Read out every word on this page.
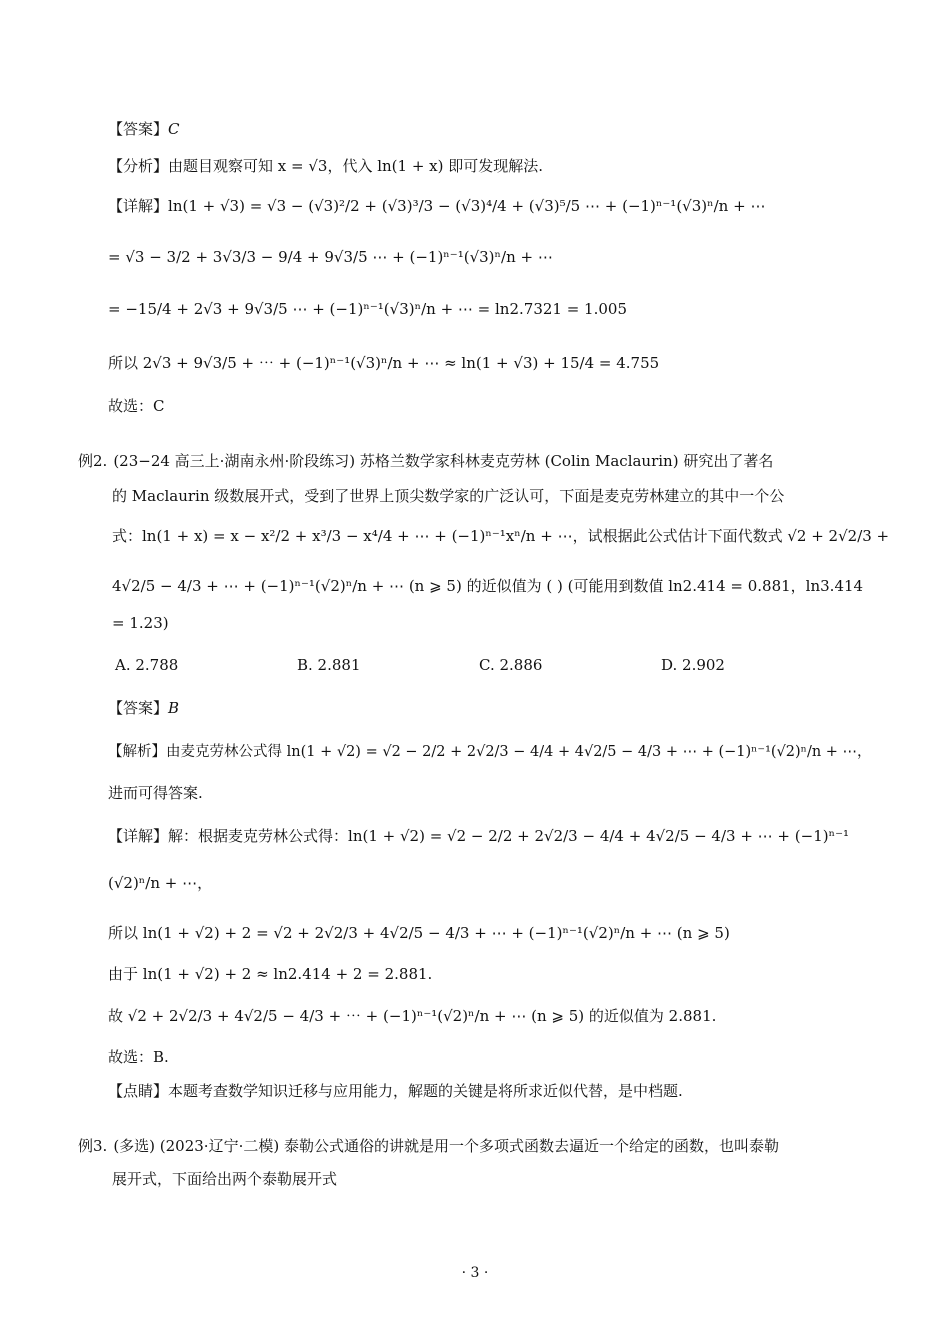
【答案】 C
【分析】 由题目观察可知 x = √3，代入 ln(1 + x) 即可发现解法.
【详解】 ln(1 + √3) = √3 − (√3)²/2 + (√3)³/3 − (√3)⁴/4 + (√3)⁵/5 ⋯ + (−1)ⁿ⁻¹(√3)ⁿ/n + ⋯
= √3 − 3/2 + 3√3/3 − 9/4 + 9√3/5 ⋯ + (−1)ⁿ⁻¹(√3)ⁿ/n + ⋯
= −15/4 + 2√3 + 9√3/5 ⋯ + (−1)ⁿ⁻¹(√3)ⁿ/n + ⋯ = ln2.7321 = 1.005
所以 2√3 + 9√3/5 + ⋯ + (−1)ⁿ⁻¹(√3)ⁿ/n + ⋯ ≈ ln(1 + √3) + 15/4 = 4.755
故选：C
例2. (23−24 高三上·湖南永州·阶段练习) 苏格兰数学家科林麦克劳林 (Colin Maclaurin) 研究出了著名
的 Maclaurin 级数展开式，受到了世界上顶尖数学家的广泛认可，下面是麦克劳林建立的其中一个公
式：ln(1 + x) = x − x²/2 + x³/3 − x⁴/4 + ⋯ + (−1)ⁿ⁻¹xⁿ/n + ⋯，试根据此公式估计下面代数式 √2 + 2√2/3 +
4√2/5 − 4/3 + ⋯ + (−1)ⁿ⁻¹(√2)ⁿ/n + ⋯ (n ⩾ 5) 的近似值为 ( ) (可能用到数值 ln2.414 = 0.881，ln3.414
= 1.23)
A. 2.788	B. 2.881	C. 2.886	D. 2.902
【答案】 B
【解析】 由麦克劳林公式得 ln(1 + √2) = √2 − 2/2 + 2√2/3 − 4/4 + 4√2/5 − 4/3 + ⋯ + (−1)ⁿ⁻¹(√2)ⁿ/n + ⋯，
进而可得答案.
【详解】 解：根据麦克劳林公式得：ln(1 + √2) = √2 − 2/2 + 2√2/3 − 4/4 + 4√2/5 − 4/3 + ⋯ + (−1)ⁿ⁻¹
(√2)ⁿ/n + ⋯，
所以 ln(1 + √2) + 2 = √2 + 2√2/3 + 4√2/5 − 4/3 + ⋯ + (−1)ⁿ⁻¹(√2)ⁿ/n + ⋯ (n ⩾ 5)
由于 ln(1 + √2) + 2 ≈ ln2.414 + 2 = 2.881.
故 √2 + 2√2/3 + 4√2/5 − 4/3 + ⋯ + (−1)ⁿ⁻¹(√2)ⁿ/n + ⋯ (n ⩾ 5) 的近似值为 2.881.
故选：B.
【点睛】 本题考查数学知识迁移与应用能力，解题的关键是将所求近似代替，是中档题.
例3. (多选) (2023·辽宁·二模) 泰勒公式通俗的讲就是用一个多项式函数去逼近一个给定的函数，也叫泰勒
展开式，下面给出两个泰勒展开式
· 3 ·
